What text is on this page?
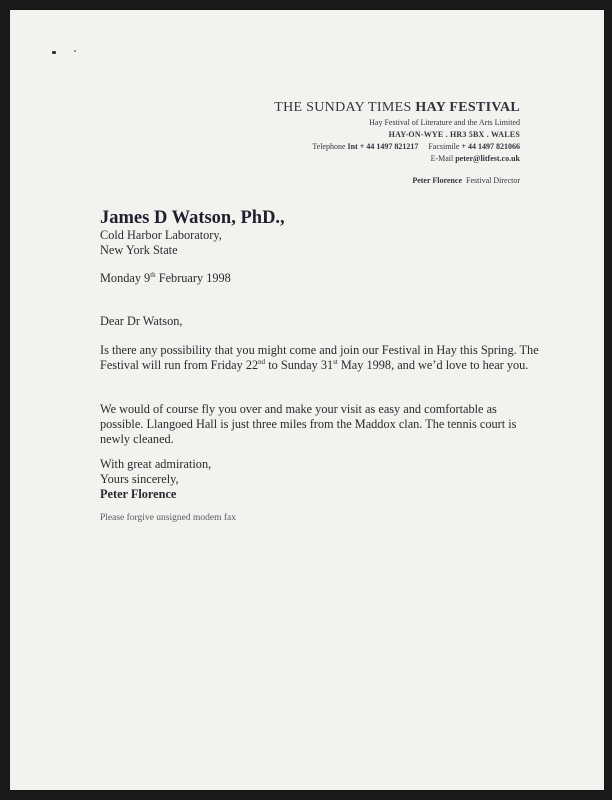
THE SUNDAY TIMES HAY FESTIVAL
Hay Festival of Literature and the Arts Limited
HAY-ON-WYE . HR3 5BX . WALES
Telephone Int + 44 1497 821217     Facsimile + 44 1497 821066
E-Mail peter@litfest.co.uk
Peter Florence  Festival Director
James D Watson, PhD.,
Cold Harbor Laboratory,
New York State
Monday 9th February 1998
Dear Dr Watson,

Is there any possibility that you might come and join our Festival in Hay this Spring. The Festival will run from Friday 22nd to Sunday 31st May 1998, and we’d love to hear you.

We would of course fly you over and make your visit as easy and comfortable as possible. Llangoed Hall is just three miles from the Maddox clan. The tennis court is newly cleaned.

With great admiration,
Yours sincerely,
Peter Florence
Please forgive unsigned modem fax
